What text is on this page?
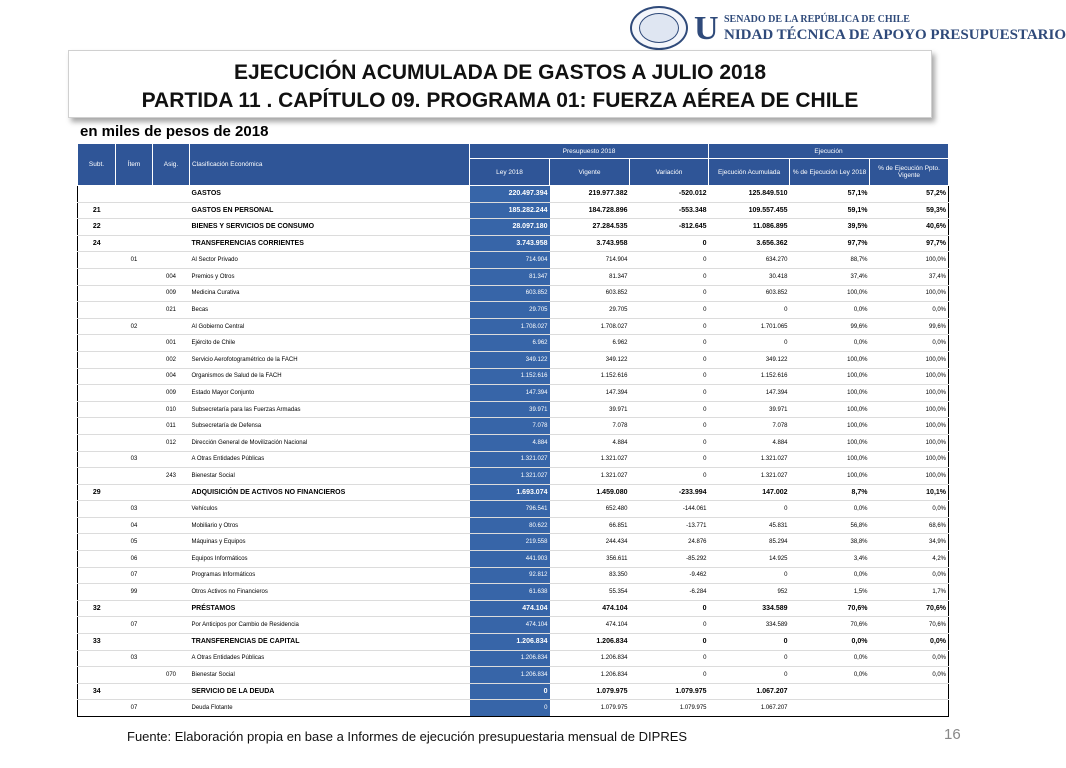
U SENADO DE LA REPÚBLICA DE CHILE
NIDAD TÉCNICA DE APOYO PRESUPUESTARIO
EJECUCIÓN ACUMULADA DE GASTOS A JULIO 2018
PARTIDA 11 . CAPÍTULO 09. PROGRAMA 01: FUERZA AÉREA DE CHILE
en miles de pesos de 2018
Subt.	Ítem	Asig.	Clasificación Económica	Presupuesto 2018			Ejecución		
				Ley 2018	Vigente	Variación	Ejecución Acumulada	% de Ejecución Ley 2018	% de Ejecución Ppto. Vigente
			GASTOS	220.497.394	219.977.382	-520.012	125.849.510	57,1%	57,2%
21			GASTOS EN PERSONAL	185.282.244	184.728.896	-553.348	109.557.455	59,1%	59,3%
22			BIENES Y SERVICIOS DE CONSUMO	28.097.180	27.284.535	-812.645	11.086.895	39,5%	40,6%
24			TRANSFERENCIAS CORRIENTES	3.743.958	3.743.958	0	3.656.362	97,7%	97,7%
	01		Al Sector Privado	714.904	714.904	0	634.270	88,7%	100,0%
		004	Premios y Otros	81.347	81.347	0	30.418	37,4%	37,4%
		009	Medicina Curativa	603.852	603.852	0	603.852	100,0%	100,0%
		021	Becas	29.705	29.705	0	0	0,0%	0,0%
	02		Al Gobierno Central	1.708.027	1.708.027	0	1.701.065	99,6%	99,6%
		001	Ejército de Chile	6.962	6.962	0	0	0,0%	0,0%
		002	Servicio Aerofotogramétrico de la FACH	349.122	349.122	0	349.122	100,0%	100,0%
		004	Organismos de Salud de la FACH	1.152.616	1.152.616	0	1.152.616	100,0%	100,0%
		009	Estado Mayor Conjunto	147.394	147.394	0	147.394	100,0%	100,0%
		010	Subsecretaría para las Fuerzas Armadas	39.971	39.971	0	39.971	100,0%	100,0%
		011	Subsecretaría de Defensa	7.078	7.078	0	7.078	100,0%	100,0%
		012	Dirección General de Movilización Nacional	4.884	4.884	0	4.884	100,0%	100,0%
	03		A Otras Entidades Públicas	1.321.027	1.321.027	0	1.321.027	100,0%	100,0%
		243	Bienestar Social	1.321.027	1.321.027	0	1.321.027	100,0%	100,0%
29			ADQUISICIÓN DE ACTIVOS NO FINANCIEROS	1.693.074	1.459.080	-233.994	147.002	8,7%	10,1%
	03		Vehículos	796.541	652.480	-144.061	0	0,0%	0,0%
	04		Mobiliario y Otros	80.622	66.851	-13.771	45.831	56,8%	68,6%
	05		Máquinas y Equipos	219.558	244.434	24.876	85.294	38,8%	34,9%
	06		Equipos Informáticos	441.903	356.611	-85.292	14.925	3,4%	4,2%
	07		Programas Informáticos	92.812	83.350	-9.462	0	0,0%	0,0%
	99		Otros Activos no Financieros	61.638	55.354	-6.284	952	1,5%	1,7%
32			PRÉSTAMOS	474.104	474.104	0	334.589	70,6%	70,6%
	07		Por Anticipos por Cambio de Residencia	474.104	474.104	0	334.589	70,6%	70,6%
33			TRANSFERENCIAS DE CAPITAL	1.206.834	1.206.834	0	0	0,0%	0,0%
	03		A Otras Entidades Públicas	1.206.834	1.206.834	0	0	0,0%	0,0%
		070	Bienestar Social	1.206.834	1.206.834	0	0	0,0%	0,0%
34			SERVICIO DE LA DEUDA	0	1.079.975	1.079.975	1.067.207		
	07		Deuda Flotante	0	1.079.975	1.079.975	1.067.207		
Fuente: Elaboración propia en base a Informes de ejecución presupuestaria mensual de DIPRES	16
